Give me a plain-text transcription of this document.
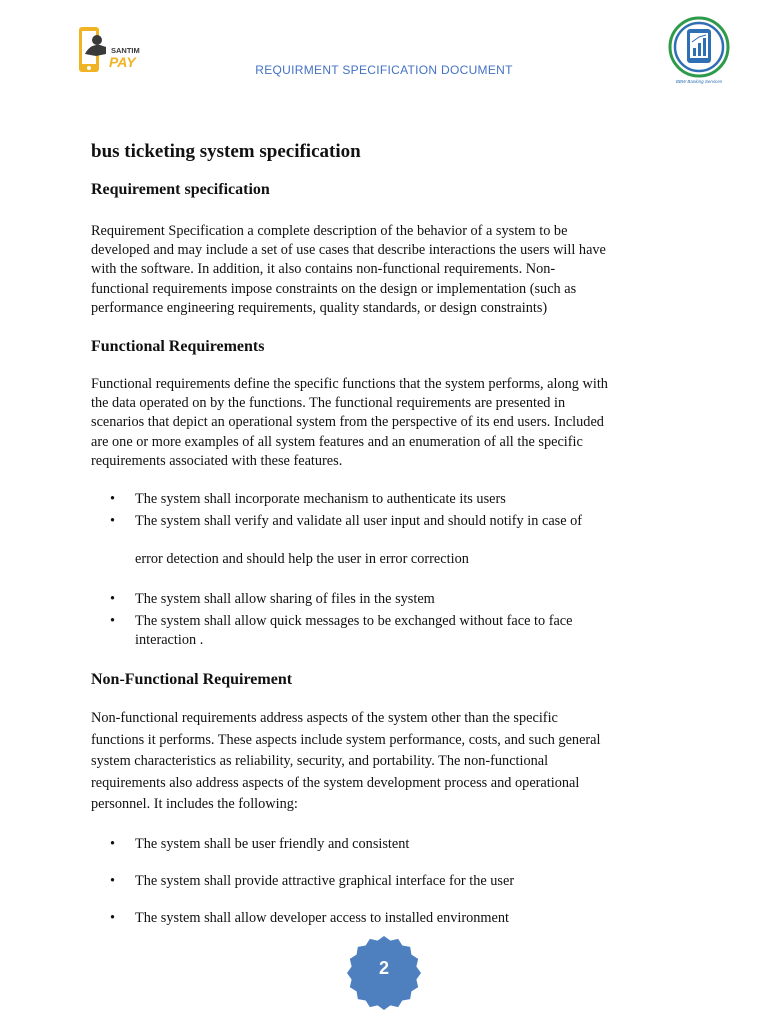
SANTIM
PAY	REQUIRMENT SPECIFICATION DOCUMENT
BBW Banking Services
bus ticketing system specification
Requirement specification
Requirement Specification a complete description of the behavior of a system to be
developed and may include a set of use cases that describe interactions the users will have
with the software. In addition, it also contains non-functional requirements. Non-
functional requirements impose constraints on the design or implementation (such as
performance engineering requirements, quality standards, or design constraints)
Functional Requirements
Functional requirements define the specific functions that the system performs, along with
the data operated on by the functions. The functional requirements are presented in
scenarios that depict an operational system from the perspective of its end users. Included
are one or more examples of all system features and an enumeration of all the specific
requirements associated with these features.
• The system shall incorporate mechanism to authenticate its users
• The system shall verify and validate all user input and should notify in case of
error detection and should help the user in error correction
• The system shall allow sharing of files in the system
• The system shall allow quick messages to be exchanged without face to face interaction .
Non-Functional Requirement
Non-functional requirements address aspects of the system other than the specific
functions it performs. These aspects include system performance, costs, and such general
system characteristics as reliability, security, and portability. The non-functional
requirements also address aspects of the system development process and operational
personnel. It includes the following:
• The system shall be user friendly and consistent
• The system shall provide attractive graphical interface for the user
• The system shall allow developer access to installed environment
2
